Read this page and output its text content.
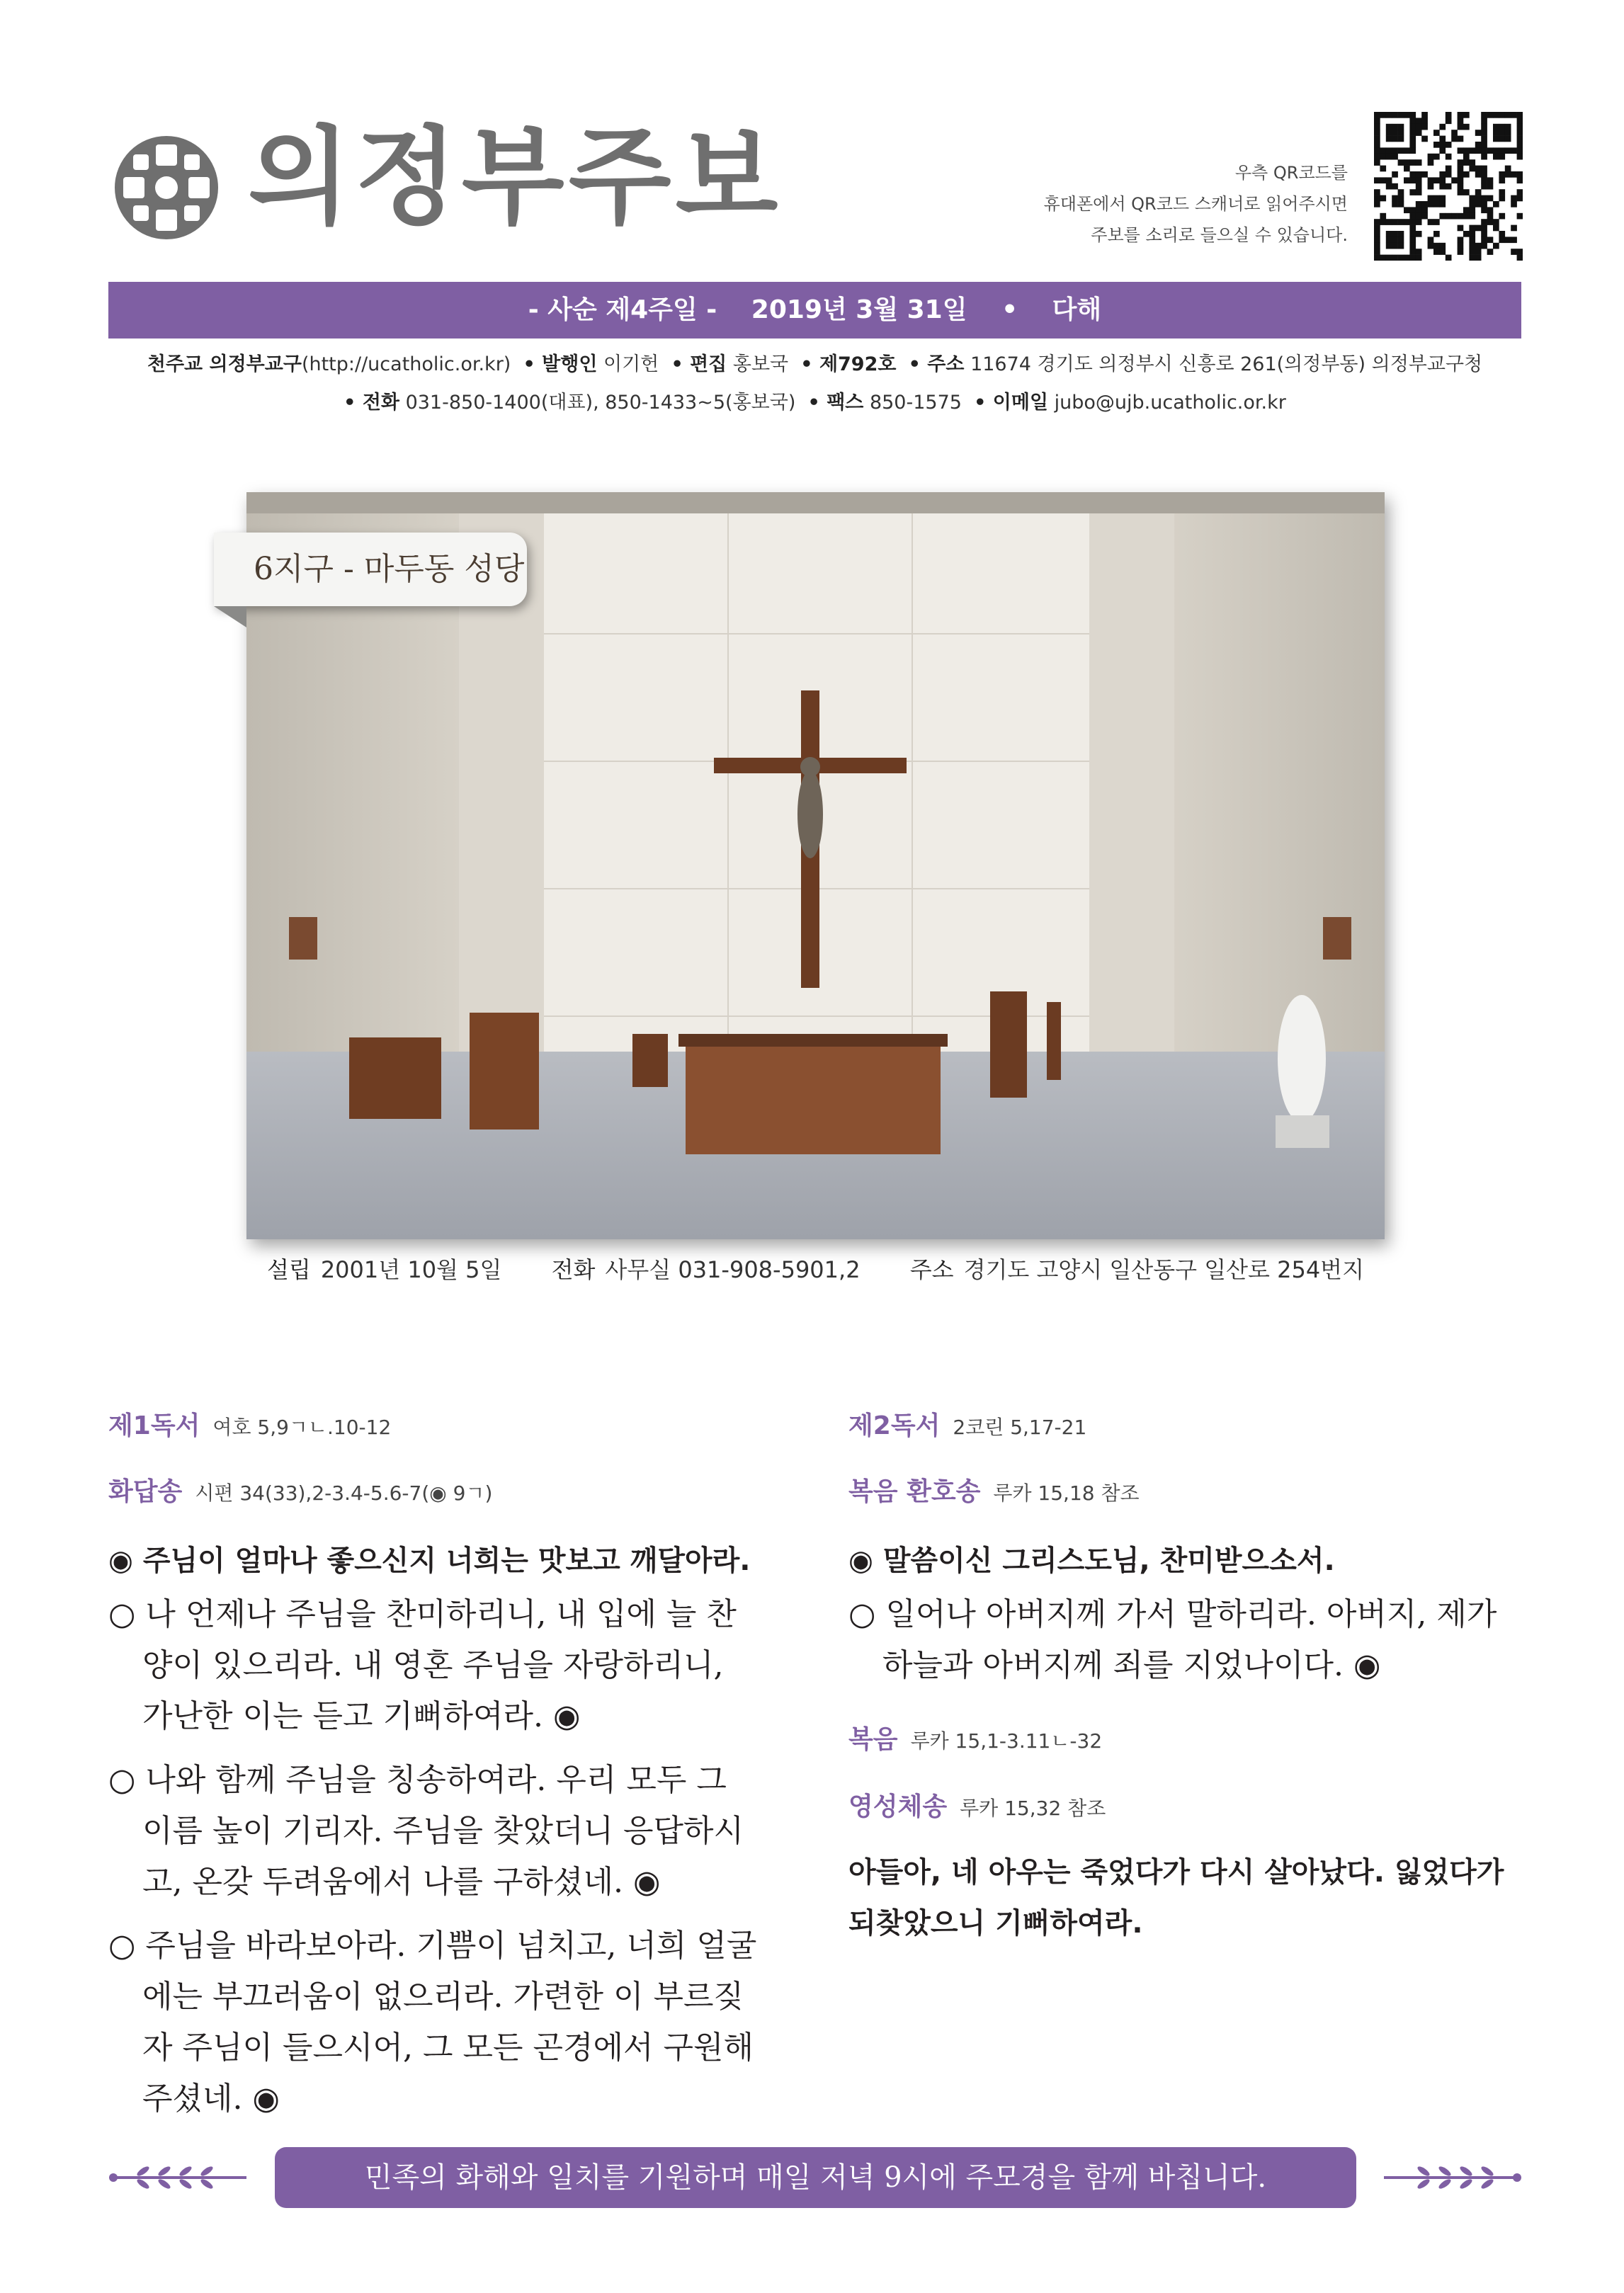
의정부주보	우측 QR코드를
휴대폰에서 QR코드 스캐너로 읽어주시면
주보를 소리로 들으실 수 있습니다.
- 사순 제4주일 - 2019년 3월 31일 • 다해
천주교 의정부교구(http://ucatholic.or.kr) • 발행인 이기헌 • 편집 홍보국 • 제792호 • 주소 11674 경기도 의정부시 신흥로 261(의정부동) 의정부교구청
• 전화 031-850-1400(대표), 850-1433~5(홍보국) • 팩스 850-1575 • 이메일 jubo@ujb.ucatholic.or.kr
6지구 - 마두동 성당
설립 2001년 10월 5일 전화 사무실 031-908-5901,2 주소 경기도 고양시 일산동구 일산로 254번지
제1독서 여호 5,9ㄱㄴ.10-12
화답송 시편 34(33),2-3.4-5.6-7(◉ 9ㄱ)
◉ 주님이 얼마나 좋으신지 너희는 맛보고 깨달아라.
○ 나 언제나 주님을 찬미하리니, 내 입에 늘 찬양이 있으리라. 내 영혼 주님을 자랑하리니, 가난한 이는 듣고 기뻐하여라. ◉
○ 나와 함께 주님을 칭송하여라. 우리 모두 그 이름 높이 기리자. 주님을 찾았더니 응답하시고, 온갖 두려움에서 나를 구하셨네. ◉
○ 주님을 바라보아라. 기쁨이 넘치고, 너희 얼굴에는 부끄러움이 없으리라. 가련한 이 부르짖자 주님이 들으시어, 그 모든 곤경에서 구원해 주셨네. ◉
제2독서 2코린 5,17-21
복음 환호송 루카 15,18 참조
◉ 말씀이신 그리스도님, 찬미받으소서.
○ 일어나 아버지께 가서 말하리라. 아버지, 제가 하늘과 아버지께 죄를 지었나이다. ◉
복음 루카 15,1-3.11ㄴ-32
영성체송 루카 15,32 참조
아들아, 네 아우는 죽었다가 다시 살아났다. 잃었다가 되찾았으니 기뻐하여라.
민족의 화해와 일치를 기원하며 매일 저녁 9시에 주모경을 함께 바칩니다.
